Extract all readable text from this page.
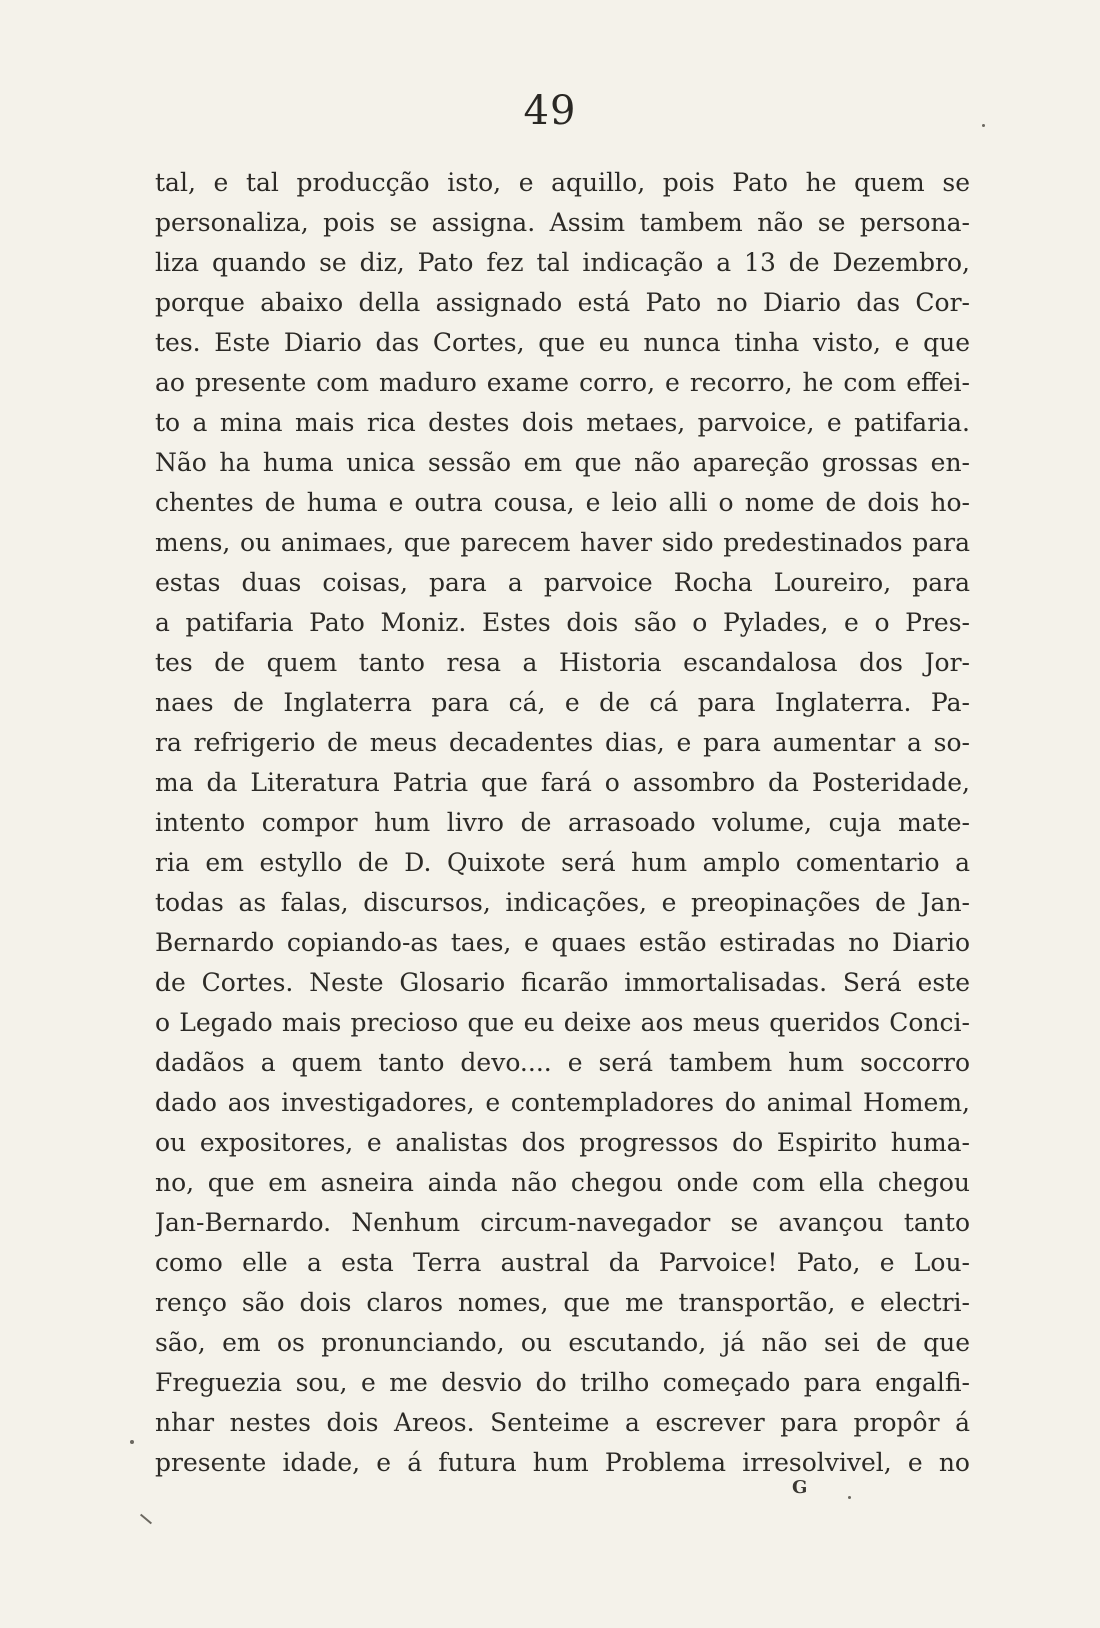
49
tal, e tal producção isto, e aquillo, pois Pato he quem se
personaliza, pois se assigna. Assim tambem não se persona-
liza quando se diz, Pato fez tal indicação a 13 de Dezembro,
porque abaixo della assignado está Pato no Diario das Cor-
tes. Este Diario das Cortes, que eu nunca tinha visto, e que
ao presente com maduro exame corro, e recorro, he com effei-
to a mina mais rica destes dois metaes, parvoice, e patifaria.
Não ha huma unica sessão em que não apareção grossas en-
chentes de huma e outra cousa, e leio alli o nome de dois ho-
mens, ou animaes, que parecem haver sido predestinados para
estas duas coisas, para a parvoice Rocha Loureiro, para
a patifaria Pato Moniz. Estes dois são o Pylades, e o Pres-
tes de quem tanto resa a Historia escandalosa dos Jor-
naes de Inglaterra para cá, e de cá para Inglaterra. Pa-
ra refrigerio de meus decadentes dias, e para aumentar a so-
ma da Literatura Patria que fará o assombro da Posteridade,
intento compor hum livro de arrasoado volume, cuja mate-
ria em estyllo de D. Quixote será hum amplo comentario a
todas as falas, discursos, indicações, e preopinações de Jan-
Bernardo copiando-as taes, e quaes estão estiradas no Diario
de Cortes. Neste Glosario ficarão immortalisadas. Será este
o Legado mais precioso que eu deixe aos meus queridos Conci-
dadãos a quem tanto devo.... e será tambem hum soccorro
dado aos investigadores, e contempladores do animal Homem,
ou expositores, e analistas dos progressos do Espirito huma-
no, que em asneira ainda não chegou onde com ella chegou
Jan-Bernardo. Nenhum circum-navegador se avançou tanto
como elle a esta Terra austral da Parvoice! Pato, e Lou-
renço são dois claros nomes, que me transportão, e electri-
são, em os pronunciando, ou escutando, já não sei de que
Freguezia sou, e me desvio do trilho começado para engalfi-
nhar nestes dois Areos. Senteime a escrever para propôr á
presente idade, e á futura hum Problema irresolvivel, e no
G
